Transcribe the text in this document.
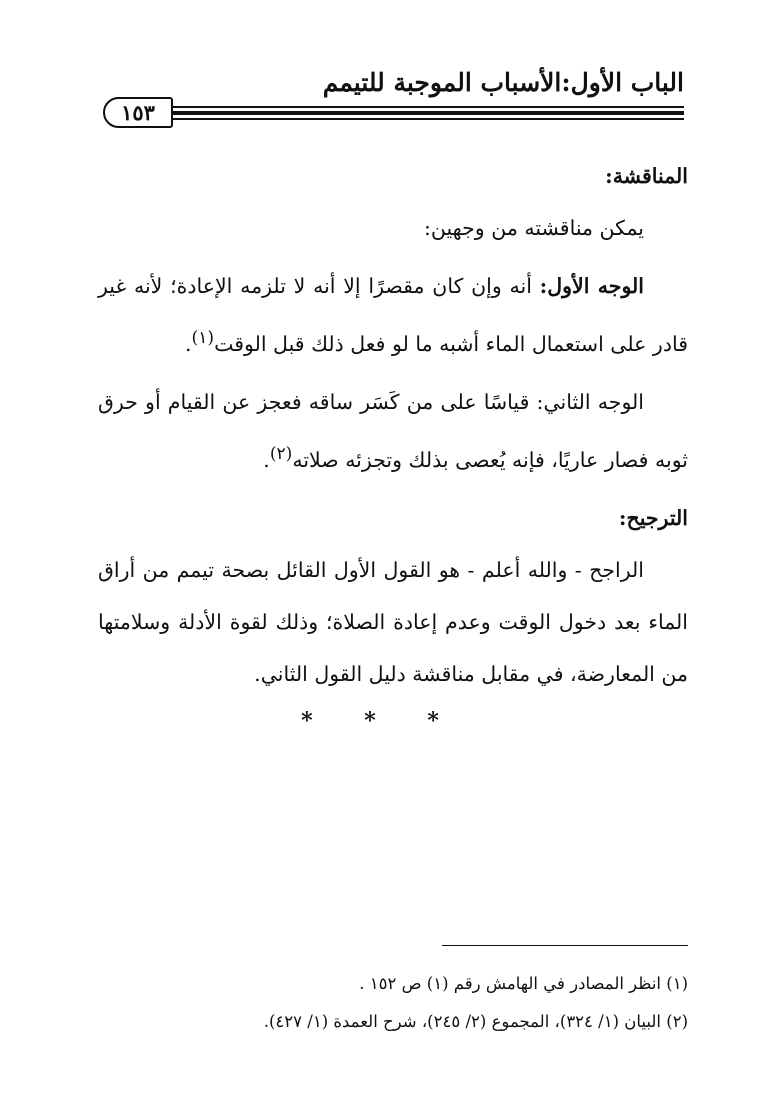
الباب الأول:الأسباب الموجبة للتيمم
١٥٣

المناقشة:

يمكن مناقشته من وجهين:

الوجه الأول: أنه وإن كان مقصرًا إلا أنه لا تلزمه الإعادة؛ لأنه غير قادر على استعمال الماء أشبه ما لو فعل ذلك قبل الوقت$^{(١)}$.

الوجه الثاني: قياسًا على من كَسَر ساقه فعجز عن القيام أو حرق ثوبه فصار عاريًا، فإنه يُعصى بذلك وتجزئه صلاته$^{(٢)}$.

الترجيح:

الراجح - والله أعلم - هو القول الأول القائل بصحة تيمم من أراق الماء بعد دخول الوقت وعدم إعادة الصلاة؛ وذلك لقوة الأدلة وسلامتها من المعارضة، في مقابل مناقشة دليل القول الثاني.

* * *

(١) انظر المصادر في الهامش رقم (١) ص ١٥٢ .

(٢) البيان (١/ ٣٢٤)، المجموع (٢/ ٢٤٥)، شرح العمدة (١/ ٤٢٧).
